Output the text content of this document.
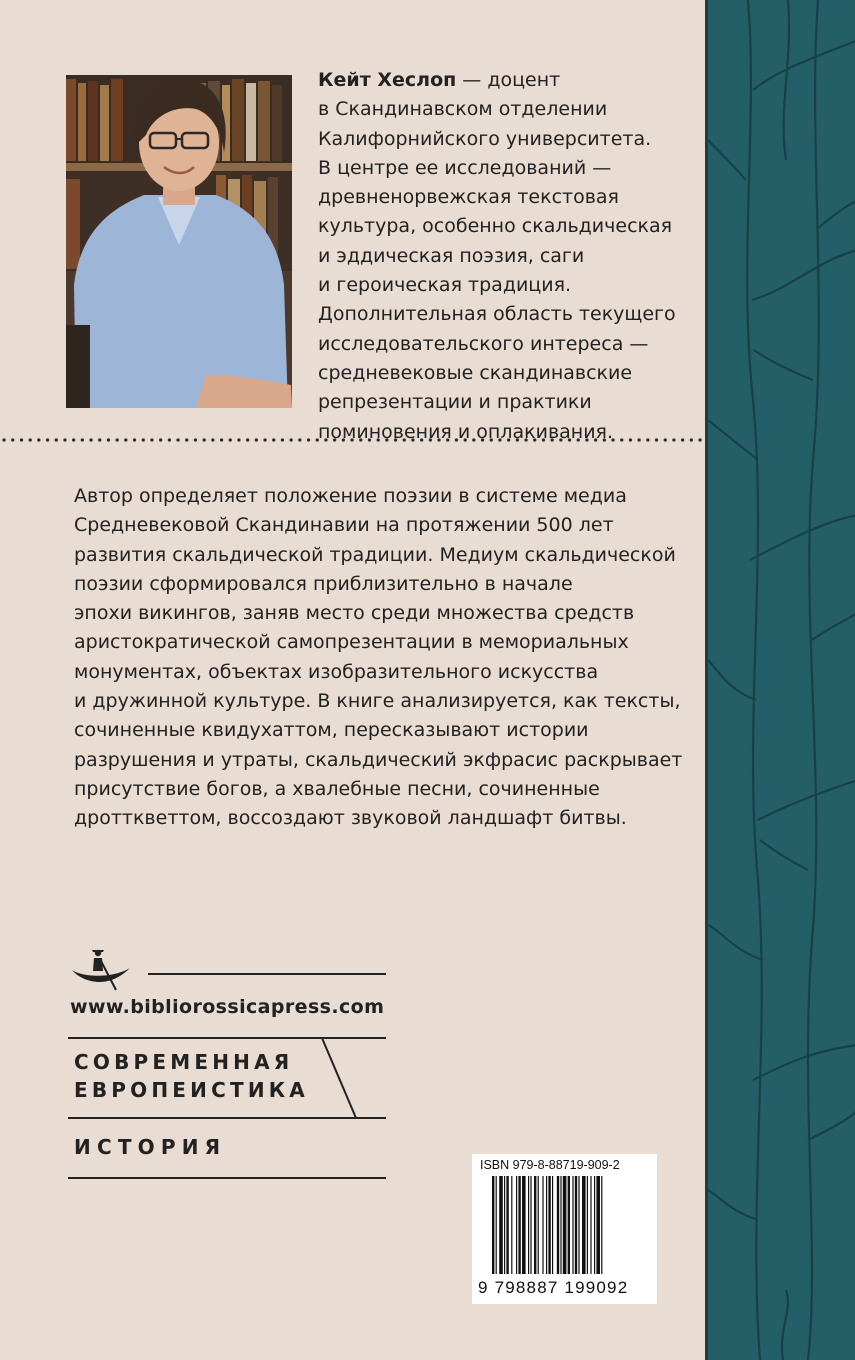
Кейт Хеслоп — доцент
в Скандинавском отделении
Калифорнийского университета.
В центре ее исследований —
древненорвежская текстовая
культура, особенно скальдическая
и эддическая поэзия, саги
и героическая традиция.
Дополнительная область текущего
исследовательского интереса —
средневековые скандинавские
репрезентации и практики
поминовения и оплакивания.
Автор определяет положение поэзии в системе медиа
Средневековой Скандинавии на протяжении 500 лет
развития скальдической традиции. Медиум скальдической
поэзии сформировался приблизительно в начале
эпохи викингов, заняв место среди множества средств
аристократической самопрезентации в мемориальных
монументах, объектах изобразительного искусства
и дружинной культуре. В книге анализируется, как тексты,
сочиненные квидухаттом, пересказывают истории
разрушения и утраты, скальдический экфрасис раскрывает
присутствие богов, а хвалебные песни, сочиненные
дротткветтом, воссоздают звуковой ландшафт битвы.
www.bibliorossicapress.com
СОВРЕМЕННАЯ
ЕВРОПЕИСТИКА
ИСТОРИЯ
ISBN 979-8-88719-909-2
9 798887 199092
